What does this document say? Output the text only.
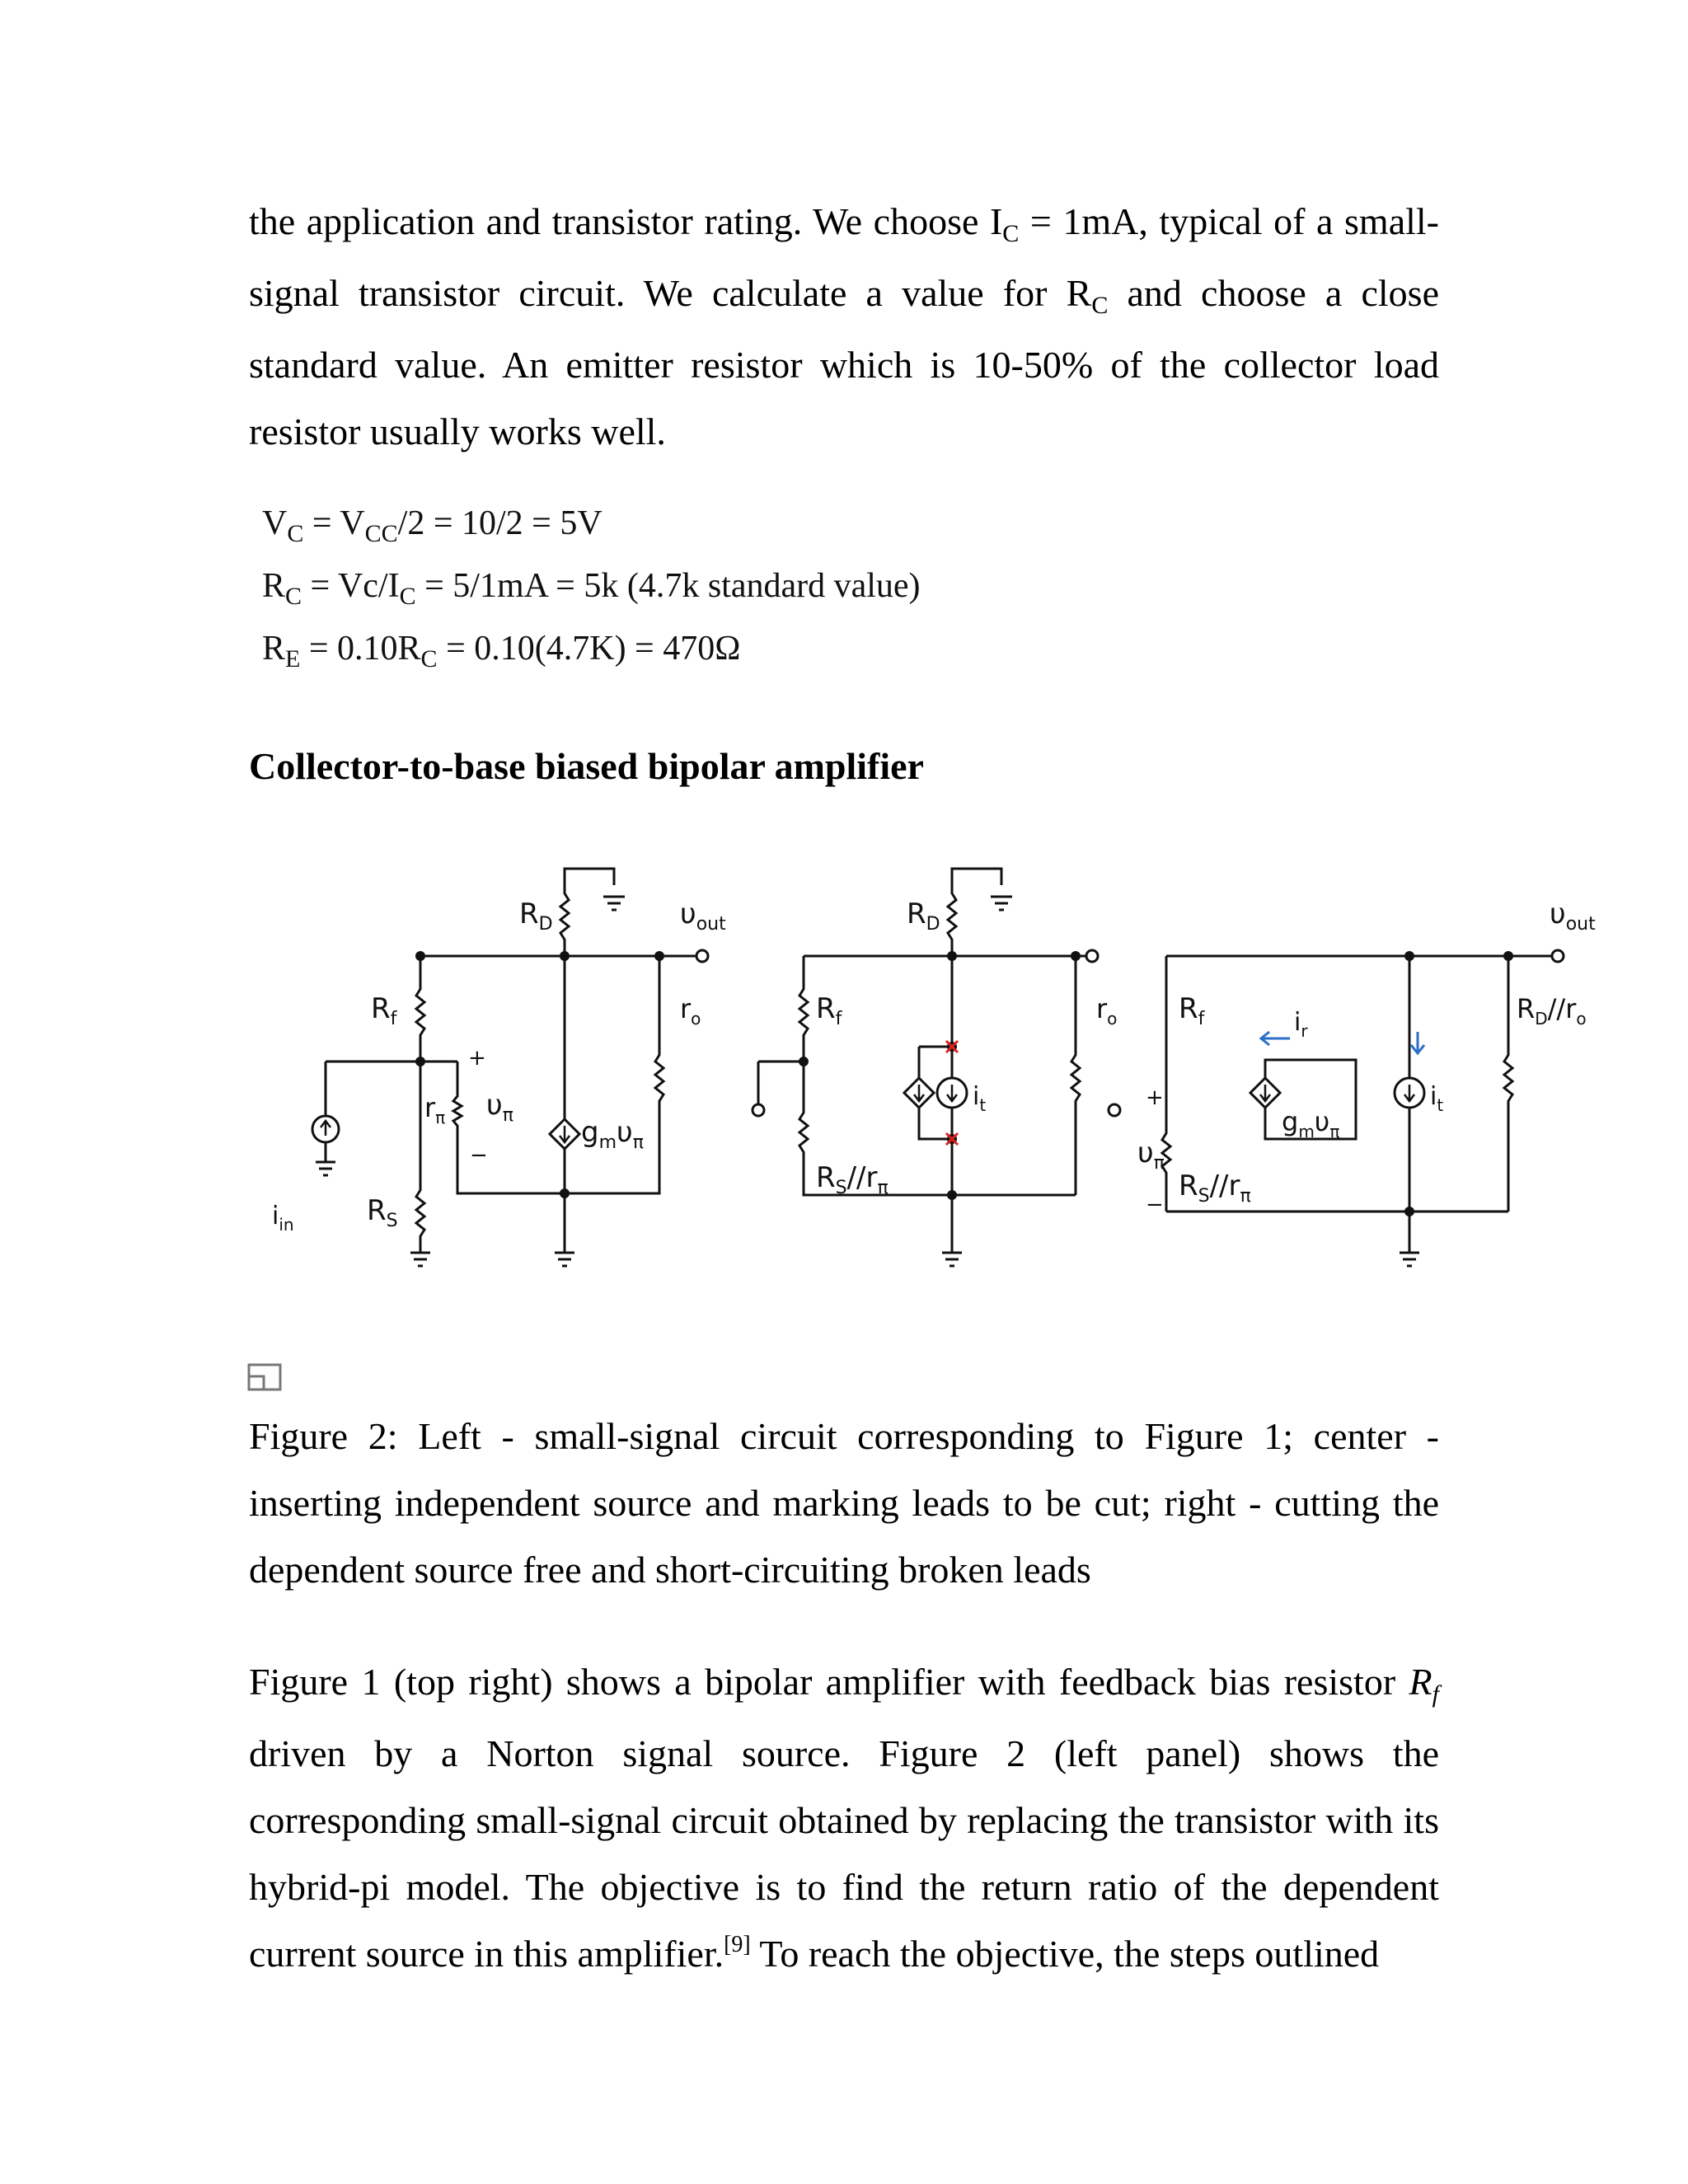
the application and transistor rating. We choose IC = 1mA, typical of a small-signal transistor circuit. We calculate a value for RC and choose a close standard value. An emitter resistor which is 10-50% of the collector load resistor usually works well.
$V_C = V_{CC}/2 = 10/2 = 5V$
$R_C = Vc/I_C = 5/1mA = 5k$ (4.7k standard value)
$R_E = 0.10R_C = 0.10(4.7K) = 470\Omega$
Collector-to-base biased bipolar amplifier
$R_D$
$R_f$
$r_\pi$
+
−
$\upsilon_\pi$
$g_m\upsilon_\pi$
$\upsilon_{out}$
$r_o$
$i_{in}$	$R_S$
$R_D$
$R_f$
$i_t$
$R_S//r_\pi$
$r_o$ $R_f$	$i_r$
+
$\upsilon_\pi$
−
$g_m\upsilon_\pi$
$R_S//r_\pi$
$i_t$
$\upsilon_{out}$
$R_D//r_o$
Figure 2: Left - small-signal circuit corresponding to Figure 1; center - inserting independent source and marking leads to be cut; right - cutting the dependent source free and short-circuiting broken leads
Figure 1 (top right) shows a bipolar amplifier with feedback bias resistor Rf driven by a Norton signal source. Figure 2 (left panel) shows the corresponding small-signal circuit obtained by replacing the transistor with its hybrid-pi model. The objective is to find the return ratio of the dependent current source in this amplifier.[9] To reach the objective, the steps outlined
